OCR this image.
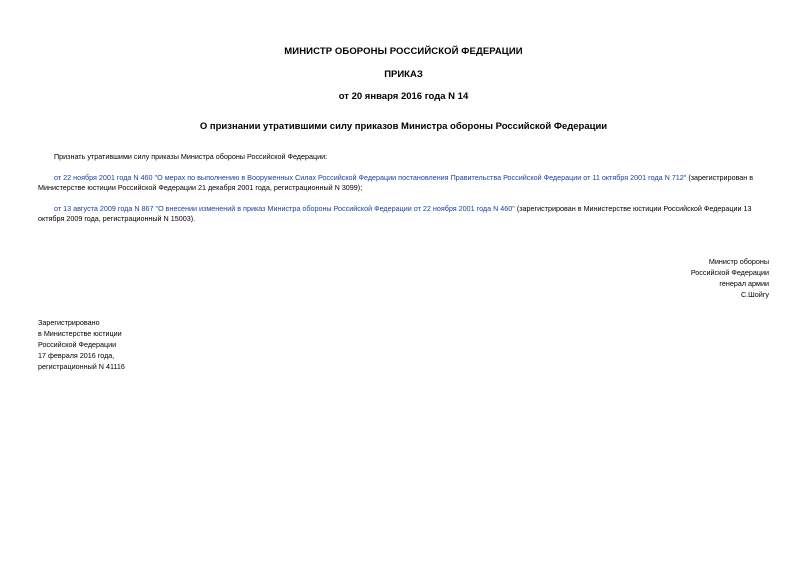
МИНИСТР ОБОРОНЫ РОССИЙСКОЙ ФЕДЕРАЦИИ
ПРИКАЗ
от 20 января 2016 года N 14
О признании утратившими силу приказов Министра обороны Российской Федерации
Признать утратившими силу приказы Министра обороны Российской Федерации:
от 22 ноября 2001 года N 460 "О мерах по выполнению в Вооруженных Силах Российской Федерации постановления Правительства Российской Федерации от 11 октября 2001 года N 712" (зарегистрирован в Министерстве юстиции Российской Федерации 21 декабря 2001 года, регистрационный N 3099);
от 13 августа 2009 года N 867 "О внесении изменений в приказ Министра обороны Российской Федерации от 22 ноября 2001 года N 460" (зарегистрирован в Министерстве юстиции Российской Федерации 13 октября 2009 года, регистрационный N 15003).
Министр обороны
Российской Федерации
генерал армии
С.Шойгу
Зарегистрировано
в Министерстве юстиции
Российской Федерации
17 февраля 2016 года,
регистрационный N 41116
